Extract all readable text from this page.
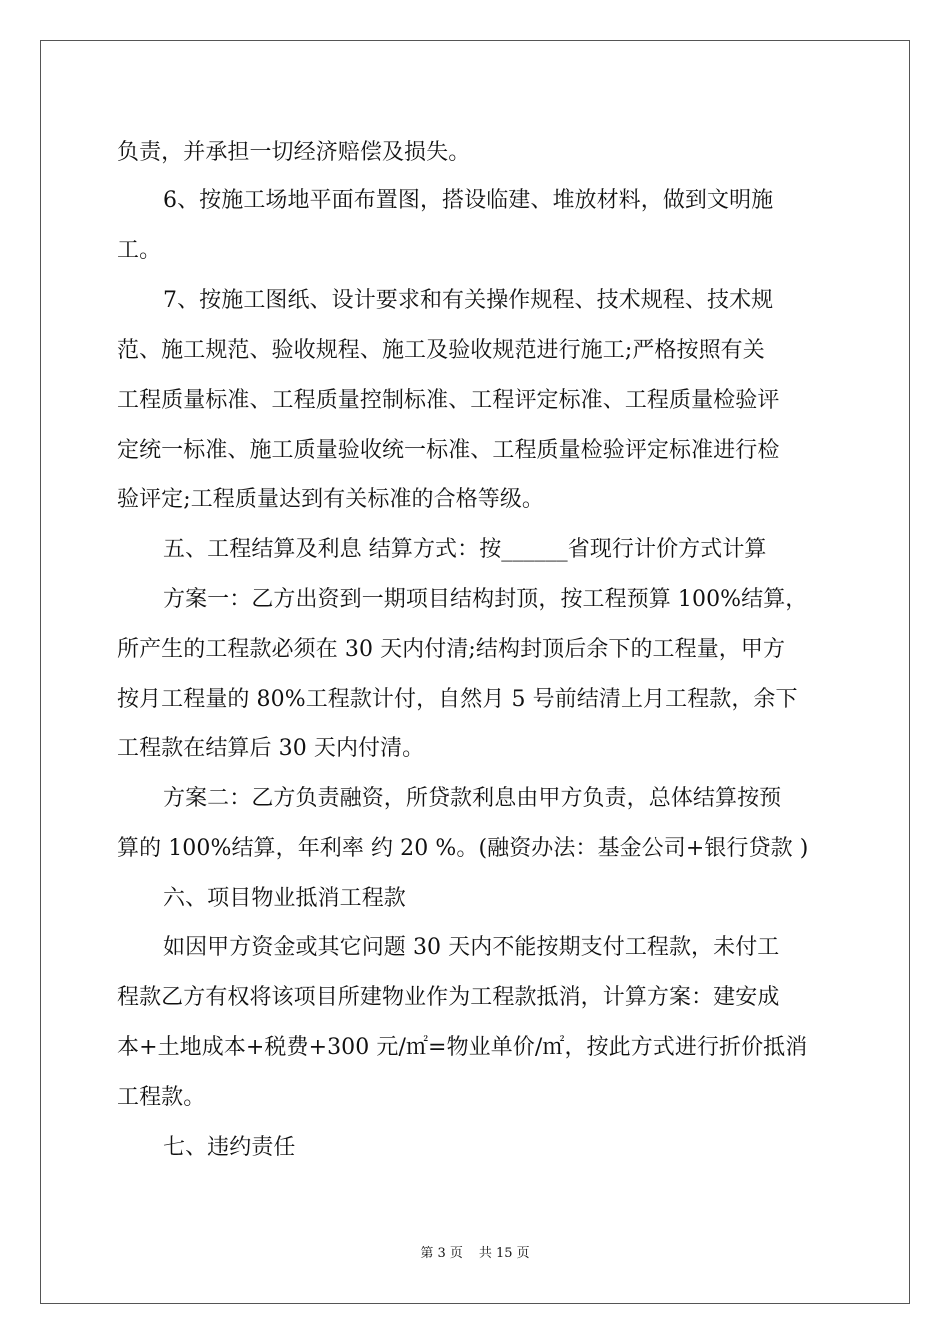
负责，并承担一切经济赔偿及损失。
6、按施工场地平面布置图，搭设临建、堆放材料，做到文明施
工。
7、按施工图纸、设计要求和有关操作规程、技术规程、技术规
范、施工规范、验收规程、施工及验收规范进行施工;严格按照有关
工程质量标准、工程质量控制标准、工程评定标准、工程质量检验评
定统一标准、施工质量验收统一标准、工程质量检验评定标准进行检
验评定;工程质量达到有关标准的合格等级。
五、工程结算及利息 结算方式：按______省现行计价方式计算
方案一：乙方出资到一期项目结构封顶，按工程预算 100%结算，
所产生的工程款必须在 30 天内付清;结构封顶后余下的工程量，甲方
按月工程量的 80%工程款计付，自然月 5 号前结清上月工程款，余下
工程款在结算后 30 天内付清。
方案二：乙方负责融资，所贷款利息由甲方负责，总体结算按预
算的 100%结算，年利率 约 20 %。(融资办法：基金公司+银行贷款 )
六、项目物业抵消工程款
如因甲方资金或其它问题 30 天内不能按期支付工程款，未付工
程款乙方有权将该项目所建物业作为工程款抵消，计算方案：建安成
本+土地成本+税费+300 元/㎡=物业单价/㎡，按此方式进行折价抵消
工程款。
七、违约责任
第 3 页 共 15 页
